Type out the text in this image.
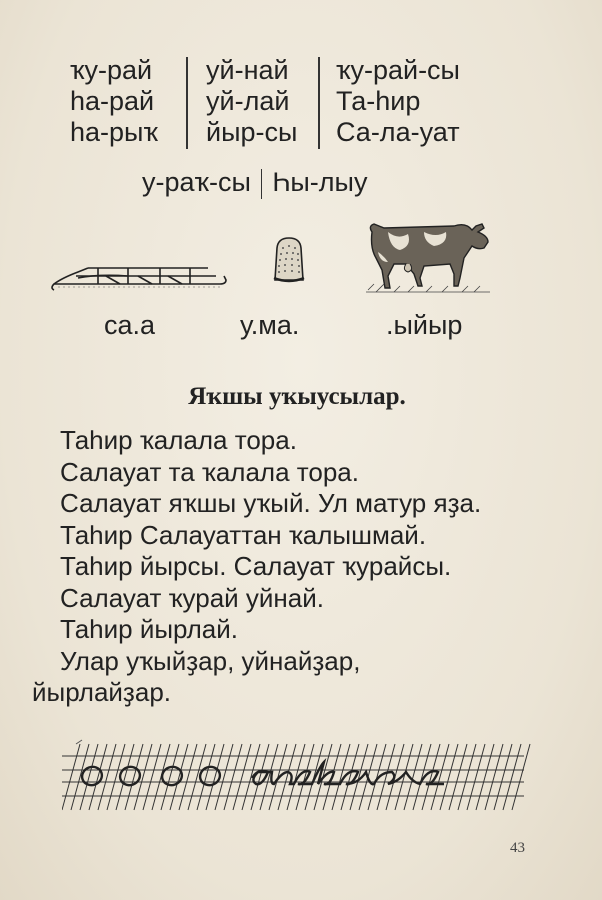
ҡу-рай
һа-рай
һа-рыҡ
уй-най
уй-лай
йыр-сы
ҡу-рай-сы
Та-һир
Са-ла-уат
у-раҡ-сы Һы-лыу
са.а	у.ма.	.ыйыр
Яҡшы уҡыусылар.
Таһир ҡалала тора.
Салауат та ҡалала тора.
Салауат яҡшы уҡый. Ул матур яҙа.
Таһир Салауаттан ҡалышмай.
Таһир йырсы. Салауат ҡурайсы.
Салауат ҡурай уйнай.
Таһир йырлай.
Улар уҡыйҙар, уйнайҙар,
йырлайҙар.
43
